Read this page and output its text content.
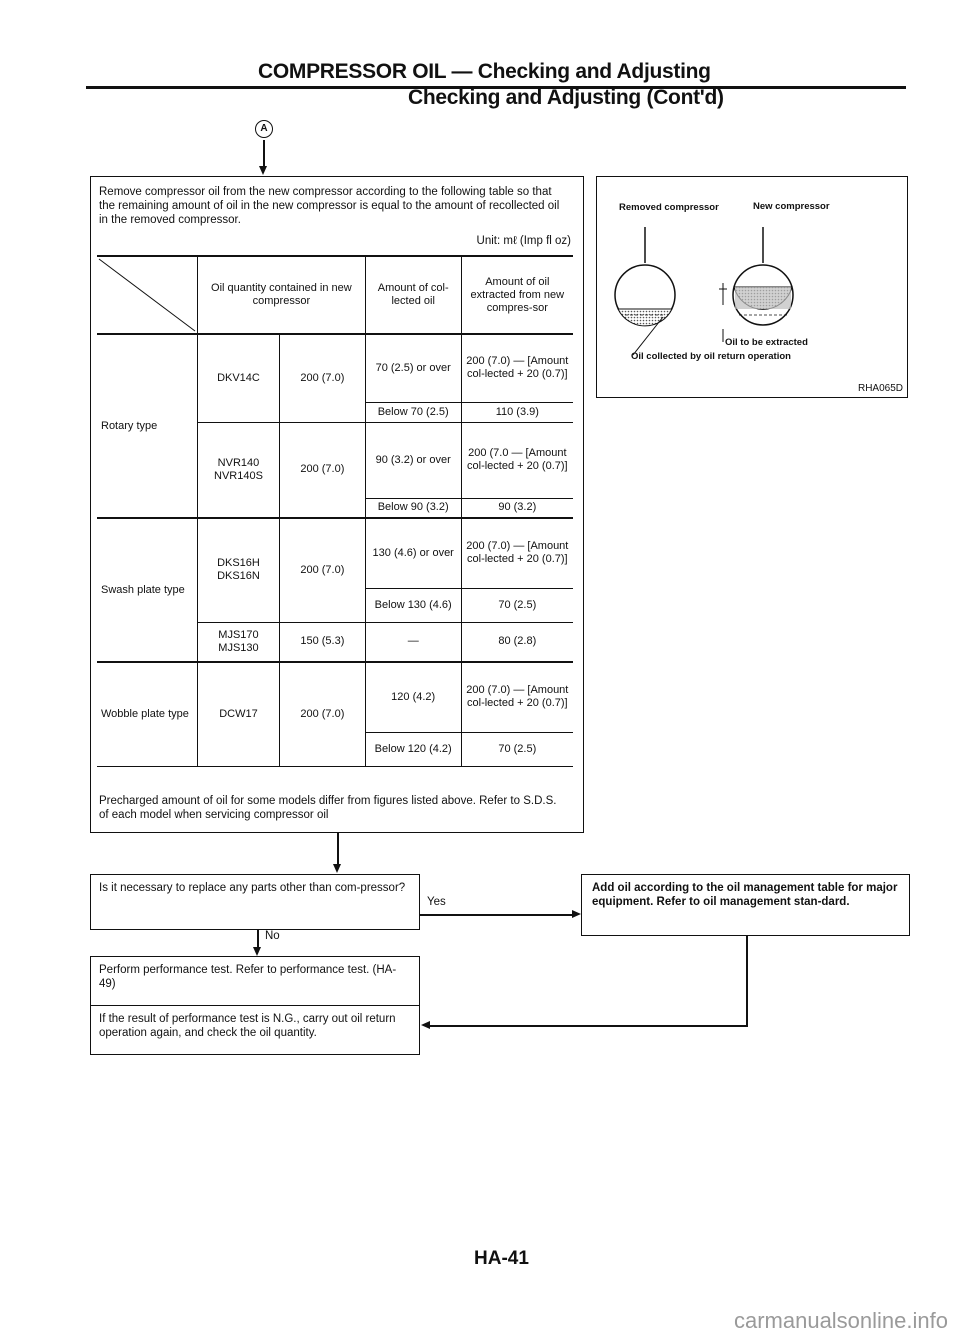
COMPRESSOR OIL — Checking and Adjusting
Checking and Adjusting (Cont'd)
A
Remove compressor oil from the new compressor according to the following table so that the remaining amount of oil in the new compressor is equal to the amount of recollected oil in the removed compressor.
Unit: mℓ (Imp fl oz)
	Oil quantity contained in new compressor		Amount of col-lected oil	Amount of oil extracted from new compres-sor
Rotary type	DKV14C	200 (7.0)	70 (2.5) or over	200 (7.0) — [Amount col-lected + 20 (0.7)]
			Below 70 (2.5)	110 (3.9)
	NVR140 NVR140S	200 (7.0)	90 (3.2) or over	200 (7.0 — [Amount col-lected + 20 (0.7)]
			Below 90 (3.2)	90 (3.2)
Swash plate type	DKS16H DKS16N	200 (7.0)	130 (4.6) or over	200 (7.0) — [Amount col-lected + 20 (0.7)]
			Below 130 (4.6)	70 (2.5)
	MJS170 MJS130	150 (5.3)	—	80 (2.8)
Wobble plate type	DCW17	200 (7.0)	120 (4.2)	200 (7.0) — [Amount col-lected + 20 (0.7)]
			Below 120 (4.2)	70 (2.5)
Precharged amount of oil for some models differ from figures listed above. Refer to S.D.S. of each model when servicing compressor oil
Removed compressor	New compressor
Oil to be extracted
Oil collected by oil return operation
RHA065D
Is it necessary to replace any parts other than com-pressor?
Yes
Add oil according to the oil management table for major equipment. Refer to oil management stan-dard.
No
Perform performance test. Refer to performance test. (HA-49)
If the result of performance test is N.G., carry out oil return operation again, and check the oil quantity.
HA-41
carmanualsonline.info
